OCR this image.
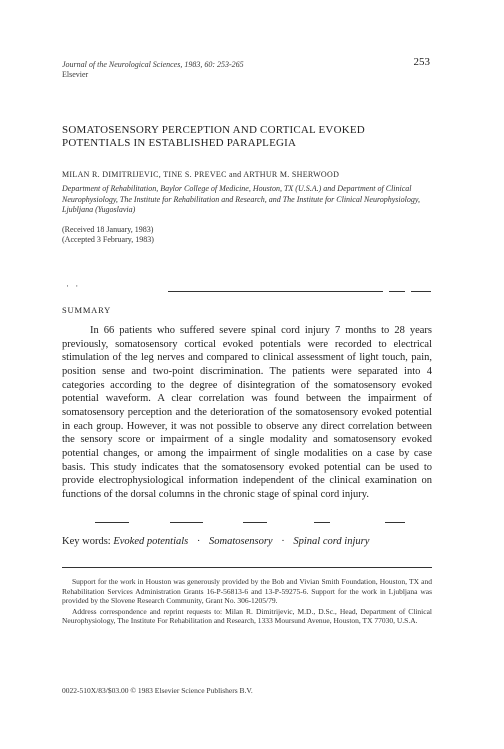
Journal of the Neurological Sciences, 1983, 60: 253-265
Elsevier
253
SOMATOSENSORY PERCEPTION AND CORTICAL EVOKED
POTENTIALS IN ESTABLISHED PARAPLEGIA
MILAN R. DIMITRIJEVIC, TINE S. PREVEC and ARTHUR M. SHERWOOD
Department of Rehabilitation, Baylor College of Medicine, Houston, TX (U.S.A.) and Department of Clinical Neurophysiology, The Institute for Rehabilitation and Research, and The Institute for Clinical Neurophysiology, Ljubljana (Yugoslavia)
(Received 18 January, 1983)
(Accepted 3 February, 1983)
· ·
SUMMARY

In 66 patients who suffered severe spinal cord injury 7 months to 28 years previously, somatosensory cortical evoked potentials were recorded to electrical stimulation of the leg nerves and compared to clinical assessment of light touch, pain, position sense and two-point discrimination. The patients were separated into 4 categories according to the degree of disintegration of the somatosensory evoked potential waveform. A clear correlation was found between the impairment of somatosensory perception and the deterioration of the somatosensory evoked potential in each group. However, it was not possible to observe any direct correlation between the sensory score or impairment of a single modality and somatosensory evoked potential changes, or among the impairment of single modalities on a case by case basis. This study indicates that the somatosensory evoked potential can be used to provide electrophysiological information independent of the clinical examination on functions of the dorsal columns in the chronic stage of spinal cord injury.

Key words: Evoked potentials · Somatosensory · Spinal cord injury

Support for the work in Houston was generously provided by the Bob and Vivian Smith Foundation, Houston, TX and Rehabilitation Services Administration Grants 16-P-56813-6 and 13-P-59275-6. Support for the work in Ljubljana was provided by the Slovene Research Community, Grant No. 306-1205/79.

Address correspondence and reprint requests to: Milan R. Dimitrijevic, M.D., D.Sc., Head, Department of Clinical Neurophysiology, The Institute For Rehabilitation and Research, 1333 Moursund Avenue, Houston, TX 77030, U.S.A.

0022-510X/83/$03.00 © 1983 Elsevier Science Publishers B.V.
